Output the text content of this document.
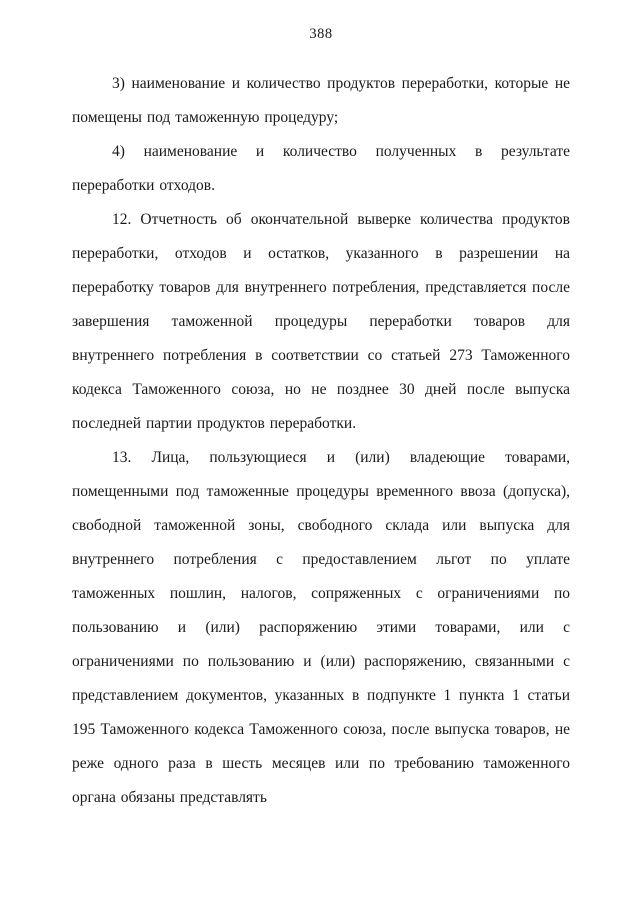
388

3) наименование и количество продуктов переработки, которые не помещены под таможенную процедуру;

4) наименование и количество полученных в результате переработки отходов.

12. Отчетность об окончательной выверке количества продуктов переработки, отходов и остатков, указанного в разрешении на переработку товаров для внутреннего потребления, представляется после завершения таможенной процедуры переработки товаров для внутреннего потребления в соответствии со статьей 273 Таможенного кодекса Таможенного союза, но не позднее 30 дней после выпуска последней партии продуктов переработки.

13. Лица, пользующиеся и (или) владеющие товарами, помещенными под таможенные процедуры временного ввоза (допуска), свободной таможенной зоны, свободного склада или выпуска для внутреннего потребления с предоставлением льгот по уплате таможенных пошлин, налогов, сопряженных с ограничениями по пользованию и (или) распоряжению этими товарами, или с ограничениями по пользованию и (или) распоряжению, связанными с представлением документов, указанных в подпункте 1 пункта 1 статьи 195 Таможенного кодекса Таможенного союза, после выпуска товаров, не реже одного раза в шесть месяцев или по требованию таможенного органа обязаны представлять
